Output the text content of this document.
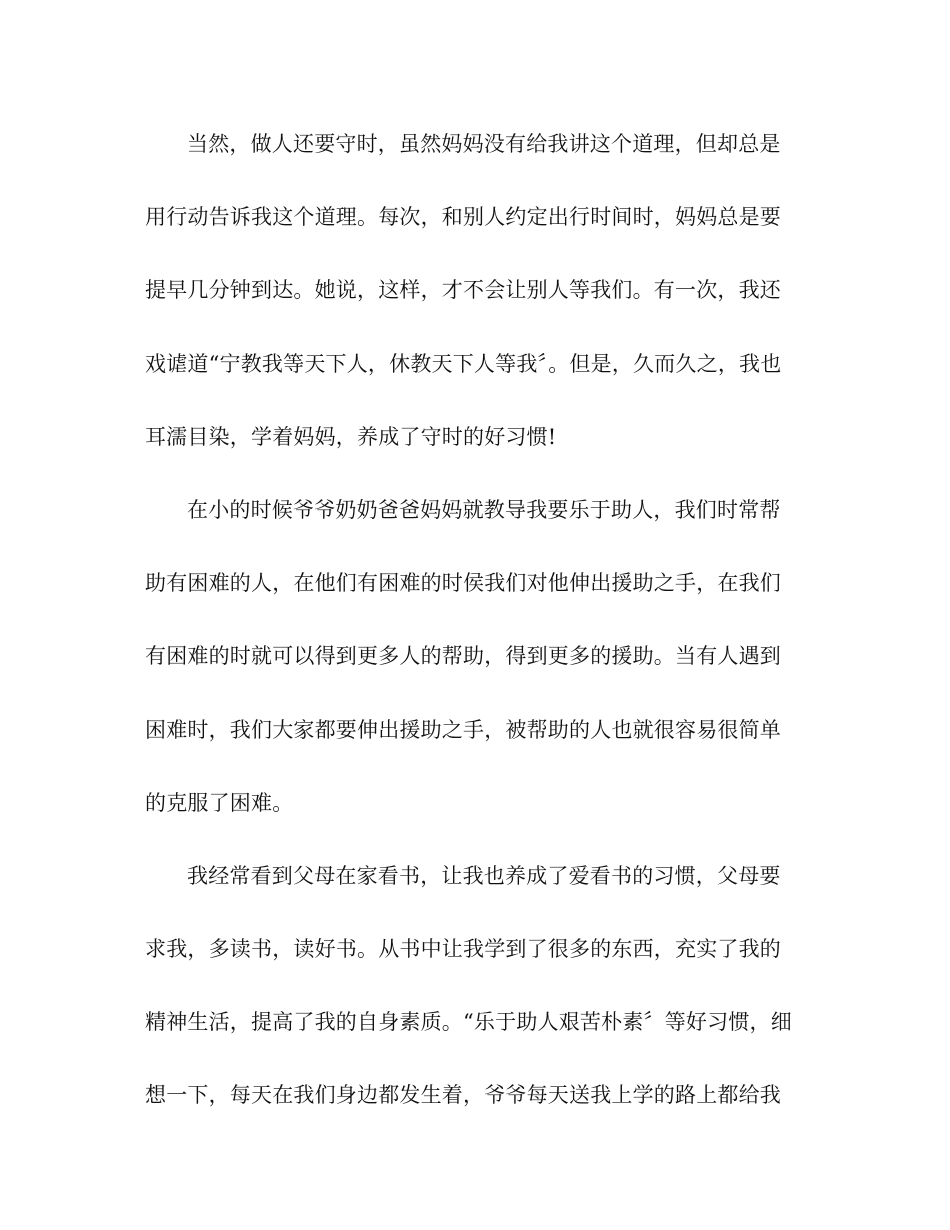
当然，做人还要守时，虽然妈妈没有给我讲这个道理，但却总是
用行动告诉我这个道理。每次，和别人约定出行时间时，妈妈总是要
提早几分钟到达。她说，这样，才不会让别人等我们。有一次，我还
戏谑道“宁教我等天下人，休教天下人等我〞。但是，久而久之，我也
耳濡目染，学着妈妈，养成了守时的好习惯!
在小的时候爷爷奶奶爸爸妈妈就教导我要乐于助人，我们时常帮
助有困难的人，在他们有困难的时侯我们对他伸出援助之手，在我们
有困难的时就可以得到更多人的帮助，得到更多的援助。当有人遇到
困难时，我们大家都要伸出援助之手，被帮助的人也就很容易很简单
的克服了困难。
我经常看到父母在家看书，让我也养成了爱看书的习惯，父母要
求我，多读书，读好书。从书中让我学到了很多的东西，充实了我的
精神生活，提高了我的自身素质。“乐于助人艰苦朴素〞等好习惯，细
想一下，每天在我们身边都发生着，爷爷每天送我上学的路上都给我
